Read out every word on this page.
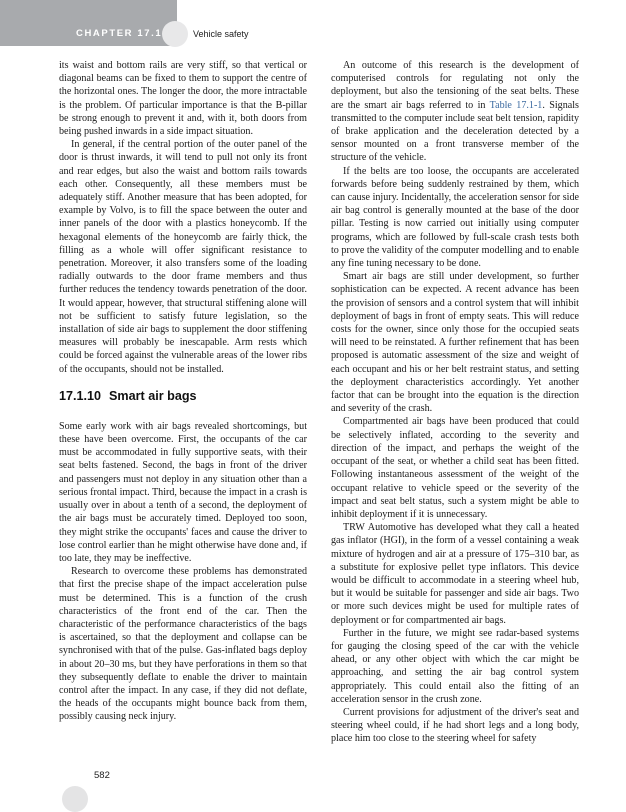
CHAPTER 17.1	Vehicle safety

its waist and bottom rails are very stiff, so that vertical or diagonal beams can be fixed to them to support the centre of the horizontal ones. The longer the door, the more intractable is the problem. Of particular importance is that the B-pillar be strong enough to prevent it and, with it, both doors from being pushed inwards in a side impact situation.

In general, if the central portion of the outer panel of the door is thrust inwards, it will tend to pull not only its front and rear edges, but also the waist and bottom rails towards each other. Consequently, all these members must be adequately stiff. Another measure that has been adopted, for example by Volvo, is to fill the space between the outer and inner panels of the door with a plastics honeycomb. If the hexagonal elements of the honeycomb are fairly thick, the filling as a whole will offer significant resistance to penetration. Moreover, it also transfers some of the loading radially outwards to the door frame members and thus further reduces the tendency towards penetration of the door. It would appear, however, that structural stiffening alone will not be sufficient to satisfy future legislation, so the installation of side air bags to supplement the door stiffening measures will probably be inescapable. Arm rests which could be forced against the vulnerable areas of the lower ribs of the occupants, should not be installed.

17.1.10 Smart air bags

Some early work with air bags revealed shortcomings, but these have been overcome. First, the occupants of the car must be accommodated in fully supportive seats, with their seat belts fastened. Second, the bags in front of the driver and passengers must not deploy in any situation other than a serious frontal impact. Third, because the impact in a crash is usually over in about a tenth of a second, the deployment of the air bags must be accurately timed. Deployed too soon, they might strike the occupants' faces and cause the driver to lose control earlier than he might otherwise have done and, if too late, they may be ineffective.

Research to overcome these problems has demonstrated that first the precise shape of the impact acceleration pulse must be determined. This is a function of the crush characteristics of the front end of the car. Then the characteristic of the performance characteristics of the bags is ascertained, so that the deployment and collapse can be synchronised with that of the pulse. Gas-inflated bags deploy in about 20–30 ms, but they have perforations in them so that they subsequently deflate to enable the driver to maintain control after the impact. In any case, if they did not deflate, the heads of the occupants might bounce back from them, possibly causing neck injury.

An outcome of this research is the development of computerised controls for regulating not only the deployment, but also the tensioning of the seat belts. These are the smart air bags referred to in Table 17.1-1. Signals transmitted to the computer include seat belt tension, rapidity of brake application and the deceleration detected by a sensor mounted on a front transverse member of the structure of the vehicle.

If the belts are too loose, the occupants are accelerated forwards before being suddenly restrained by them, which can cause injury. Incidentally, the acceleration sensor for side air bag control is generally mounted at the base of the door pillar. Testing is now carried out initially using computer programs, which are followed by full-scale crash tests both to prove the validity of the computer modelling and to enable any fine tuning necessary to be done.

Smart air bags are still under development, so further sophistication can be expected. A recent advance has been the provision of sensors and a control system that will inhibit deployment of bags in front of empty seats. This will reduce costs for the owner, since only those for the occupied seats will need to be reinstated. A further refinement that has been proposed is automatic assessment of the size and weight of each occupant and his or her belt restraint status, and setting the deployment characteristics accordingly. Yet another factor that can be brought into the equation is the direction and severity of the crash.

Compartmented air bags have been produced that could be selectively inflated, according to the severity and direction of the impact, and perhaps the weight of the occupant of the seat, or whether a child seat has been fitted. Following instantaneous assessment of the weight of the occupant relative to vehicle speed or the severity of the impact and seat belt status, such a system might be able to inhibit deployment if it is unnecessary.

TRW Automotive has developed what they call a heated gas inflator (HGI), in the form of a vessel containing a weak mixture of hydrogen and air at a pressure of 175–310 bar, as a substitute for explosive pellet type inflators. This device would be difficult to accommodate in a steering wheel hub, but it would be suitable for passenger and side air bags. Two or more such devices might be used for multiple rates of deployment or for compartmented air bags.

Further in the future, we might see radar-based systems for gauging the closing speed of the car with the vehicle ahead, or any other object with which the car might be approaching, and setting the air bag control system appropriately. This could entail also the fitting of an acceleration sensor in the crush zone.

Current provisions for adjustment of the driver's seat and steering wheel could, if he had short legs and a long body, place him too close to the steering wheel for safety

582
